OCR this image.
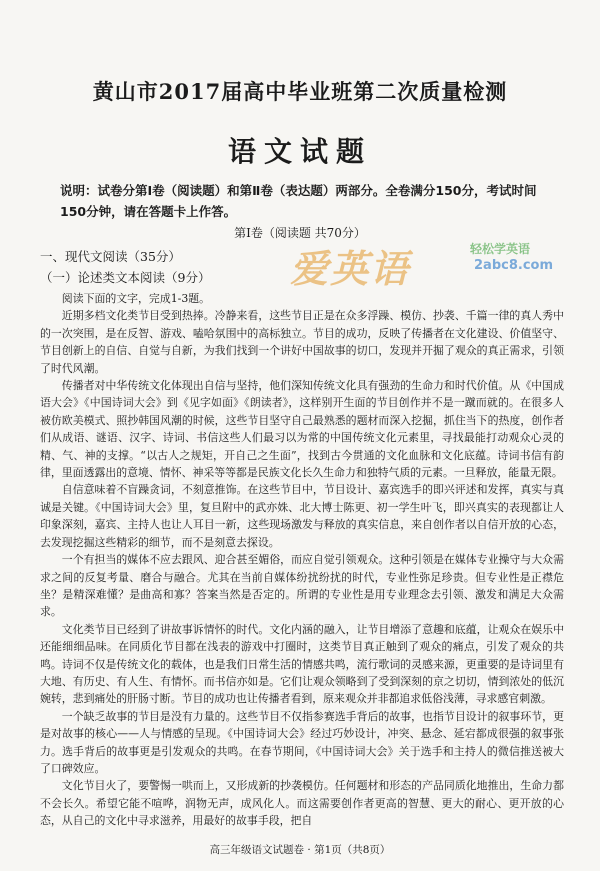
黄山市2017届高中毕业班第二次质量检测
语文试题
说明：试卷分第Ⅰ卷（阅读题）和第Ⅱ卷（表达题）两部分。全卷满分150分，考试时间150分钟，请在答题卡上作答。
第Ⅰ卷（阅读题 共70分）
爱英语	轻松学英语
2abc8.com
一、现代文阅读（35分）
（一）论述类文本阅读（9分）

阅读下面的文字，完成1-3题。

近期多档文化类节目受到热捧。冷静来看，这些节目正是在众多浮躁、模仿、抄袭、千篇一律的真人秀中的一次突围，是在反智、游戏、嗑哈氛围中的高标独立。节目的成功，反映了传播者在文化建设、价值坚守、节目创新上的自信、自觉与自新，为我们找到一个讲好中国故事的切口，发现并开掘了观众的真正需求，引领了时代风潮。

传播者对中华传统文化体现出自信与坚持，他们深知传统文化具有强劲的生命力和时代价值。从《中国成语大会》《中国诗词大会》到《见字如面》《朗读者》，这样别开生面的节目创作并不是一蹴而就的。在很多人被仿欧美模式、照抄韩国风潮的时候，这些节目坚守自己最熟悉的题材而深入挖掘，抓住当下的热度，创作者们从成语、谜语、汉字、诗词、书信这些人们最习以为常的中国传统文化元素里，寻找最能打动观众心灵的精、气、神的支撑。“以古人之规矩，开自己之生面”，找到古今贯通的文化血脉和文化底蕴。诗词书信有韵律，里面透露出的意境、情怀、神采等等都是民族文化长久生命力和独特气质的元素。一旦释放，能量无限。

自信意味着不盲躁贪词，不刻意推饰。在这些节目中，节目设计、嘉宾选手的即兴评述和发挥，真实与真诚是关键。《中国诗词大会》里，复旦附中的武亦姝、北大博士陈更、初一学生叶飞，即兴真实的表现都让人印象深刻，嘉宾、主持人也让人耳目一新，这些现场激发与释放的真实信息，来自创作者以自信开放的心态，去发现挖掘这些精彩的细节，而不是刻意去探设。

一个有担当的媒体不应去跟风、迎合甚至媚俗，而应自觉引领观众。这种引领是在媒体专业操守与大众需求之间的反复考量、磨合与融合。尤其在当前自媒体纷扰纷扰的时代，专业性弥足珍贵。但专业性是正襟危坐？是精深难懂？是曲高和寡？答案当然是否定的。所谓的专业性是用专业理念去引领、激发和满足大众需求。

文化类节目已经到了讲故事诉情怀的时代。文化内涵的融入，让节目增添了意趣和底蕴，让观众在娱乐中还能细细品味。在同质化节目都在浅表的游戏中打圈时，这类节目真正触到了观众的痛点，引发了观众的共鸣。诗词不仅是传统文化的载体，也是我们日常生活的情感共鸣，流行歌词的灵感来源，更重要的是诗词里有大地、有历史、有人生、有情怀。而书信亦如是。它们让观众领略到了受到深刻的京之切切，情到浓处的低沉婉转，悲到痛处的肝肠寸断。节目的成功也让传播者看到，原来观众并非都追求低俗浅薄，寻求感官刺激。

一个缺乏故事的节目是没有力量的。这些节目不仅指参赛选手背后的故事，也指节目设计的叙事环节，更是对故事的核心——人与情感的呈现。《中国诗词大会》经过巧妙设计，冲突、悬念、延宕都成很强的叙事张力。选手背后的故事更是引发观众的共鸣。在春节期间，《中国诗词大会》关于选手和主持人的微信推送被大了口碑效应。

文化节目火了，要警惕一哄而上，又形成新的抄袭模仿。任何题材和形态的产品同质化地推出，生命力都不会长久。希望它能不喧哗，润物无声，成风化人。而这需要创作者更高的智慧、更大的耐心、更开放的心态，从自己的文化中寻求滋养，用最好的故事手段，把自

高三年级语文试题卷 · 第1页（共8页）
